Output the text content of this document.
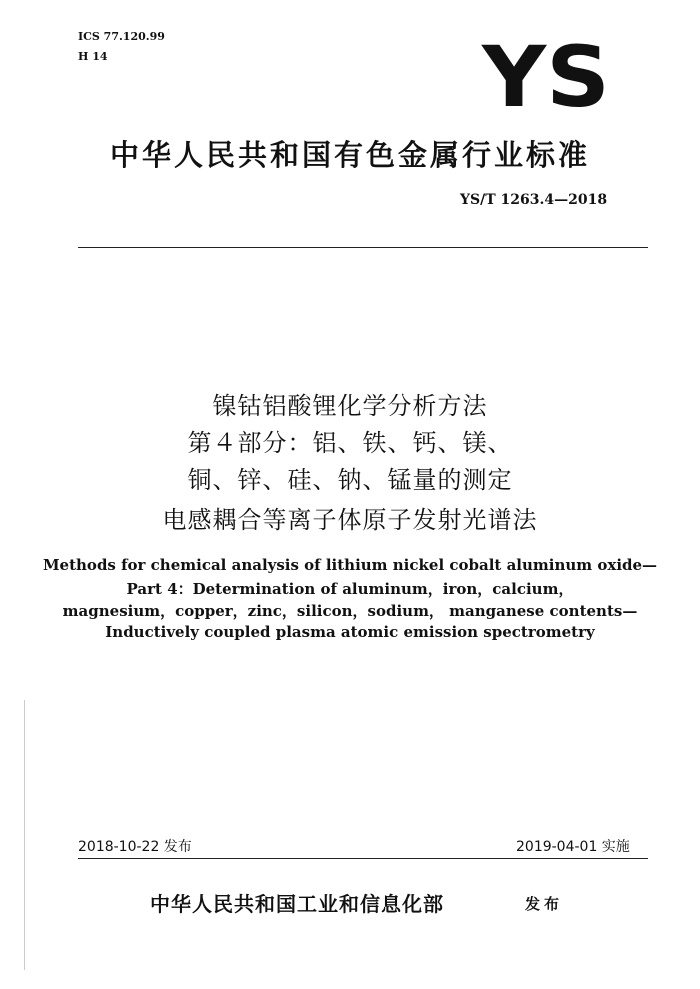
ICS 77.120.99
H 14	YS
中华人民共和国有色金属行业标准
YS/T 1263.4—2018
镍钴铝酸锂化学分析方法
第４部分：铝、铁、钙、镁、
铜、锌、硅、钠、锰量的测定
电感耦合等离子体原子发射光谱法
Methods for chemical analysis of lithium nickel cobalt aluminum oxide—
Part 4：Determination of aluminum，iron，calcium，
magnesium，copper，zinc，silicon，sodium， manganese contents—
Inductively coupled plasma atomic emission spectrometry
2018-10-22 发布	2019-04-01 实施
中华人民共和国工业和信息化部	发布
